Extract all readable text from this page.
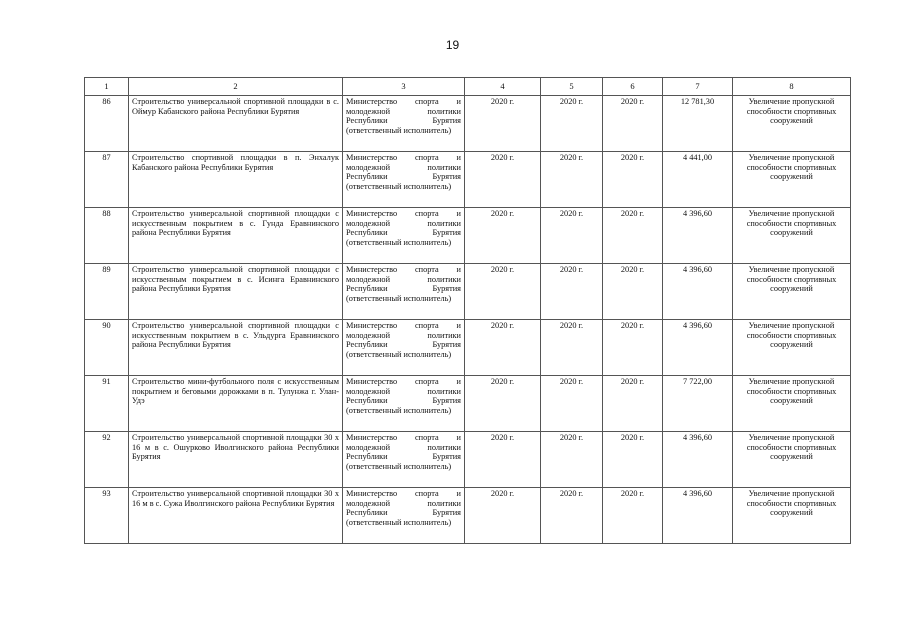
19
1	2	3	4	5	6	7	8
86	Строительство универсальной спортивной площадки в с. Оймур Кабанского района Республики Бурятия	Министерство спорта и молодежной политики Республики Бурятия (ответственный исполнитель)	2020 г.	2020 г.	2020 г.	12 781,30	Увеличение пропускной способности спортивных сооружений
87	Строительство спортивной площадки в п. Энхалук Кабанского района Республики Бурятия	Министерство спорта и молодежной политики Республики Бурятия (ответственный исполнитель)	2020 г.	2020 г.	2020 г.	4 441,00	Увеличение пропускной способности спортивных сооружений
88	Строительство универсальной спортивной площадки с искусственным покрытием в с. Гунда Еравнинского района Республики Бурятия	Министерство спорта и молодежной политики Республики Бурятия (ответственный исполнитель)	2020 г.	2020 г.	2020 г.	4 396,60	Увеличение пропускной способности спортивных сооружений
89	Строительство универсальной спортивной площадки с искусственным покрытием в с. Исинга Еравнинского района Республики Бурятия	Министерство спорта и молодежной политики Республики Бурятия (ответственный исполнитель)	2020 г.	2020 г.	2020 г.	4 396,60	Увеличение пропускной способности спортивных сооружений
90	Строительство универсальной спортивной площадки с искусственным покрытием в с. Ульдурга Еравнинского района Республики Бурятия	Министерство спорта и молодежной политики Республики Бурятия (ответственный исполнитель)	2020 г.	2020 г.	2020 г.	4 396,60	Увеличение пропускной способности спортивных сооружений
91	Строительство мини-футбольного поля с искусственным покрытием и беговыми дорожками в п. Тулунжа г. Улан-Удэ	Министерство спорта и молодежной политики Республики Бурятия (ответственный исполнитель)	2020 г.	2020 г.	2020 г.	7 722,00	Увеличение пропускной способности спортивных сооружений
92	Строительство универсальной спортивной площадки 30 х 16 м в с. Ошурково Иволгинского района Республики Бурятия	Министерство спорта и молодежной политики Республики Бурятия (ответственный исполнитель)	2020 г.	2020 г.	2020 г.	4 396,60	Увеличение пропускной способности спортивных сооружений
93	Строительство универсальной спортивной площадки 30 х 16 м в с. Сужа Иволгинского района Республики Бурятия	Министерство спорта и молодежной политики Республики Бурятия (ответственный исполнитель)	2020 г.	2020 г.	2020 г.	4 396,60	Увеличение пропускной способности спортивных сооружений
